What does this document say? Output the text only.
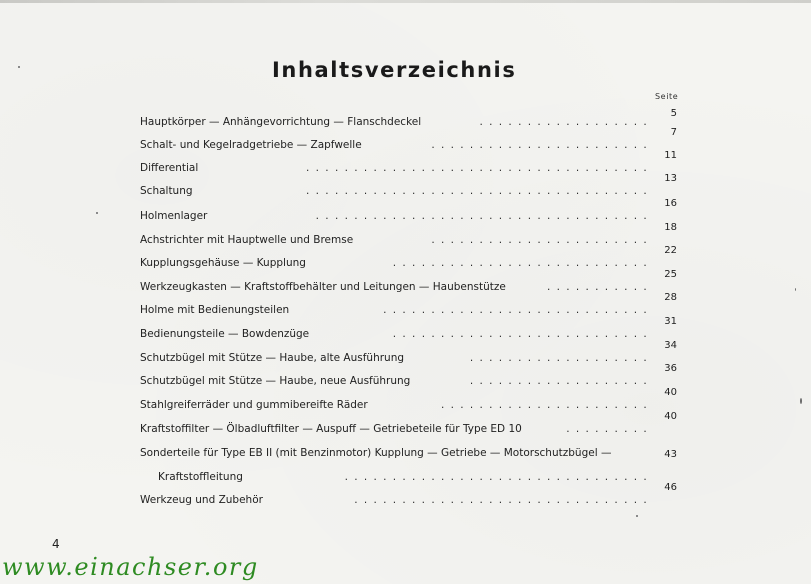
Inhaltsverzeichnis
Seite
Hauptkörper — Anhängevorrichtung — Flanschdeckel
5
..................
Schalt- und Kegelradgetriebe — Zapfwelle
7
.......................
Differential
11
....................................
Schaltung
13
....................................
Holmenlager
16
...................................
Achstrichter mit Hauptwelle und Bremse
18
.......................
Kupplungsgehäuse — Kupplung
22
...........................
Werkzeugkasten — Kraftstoffbehälter und Leitungen — Haubenstütze
25
...........
Holme mit Bedienungsteilen
28
............................
Bedienungsteile — Bowdenzüge
31
...........................
Schutzbügel mit Stütze — Haube, alte Ausführung
34
...................
Schutzbügel mit Stütze — Haube, neue Ausführung
36
...................
Stahlgreiferräder und gummibereifte Räder
40
......................
Kraftstoffilter — Ölbadluftfilter — Auspuff — Getriebeteile für Type ED 10
40
.........
Sonderteile für Type EB II (mit Benzinmotor) Kupplung — Getriebe — Motorschutzbügel —	43
Kraftstoffleitung	................................
Werkzeug und Zubehör
46
...............................
4
www.einachser.org
